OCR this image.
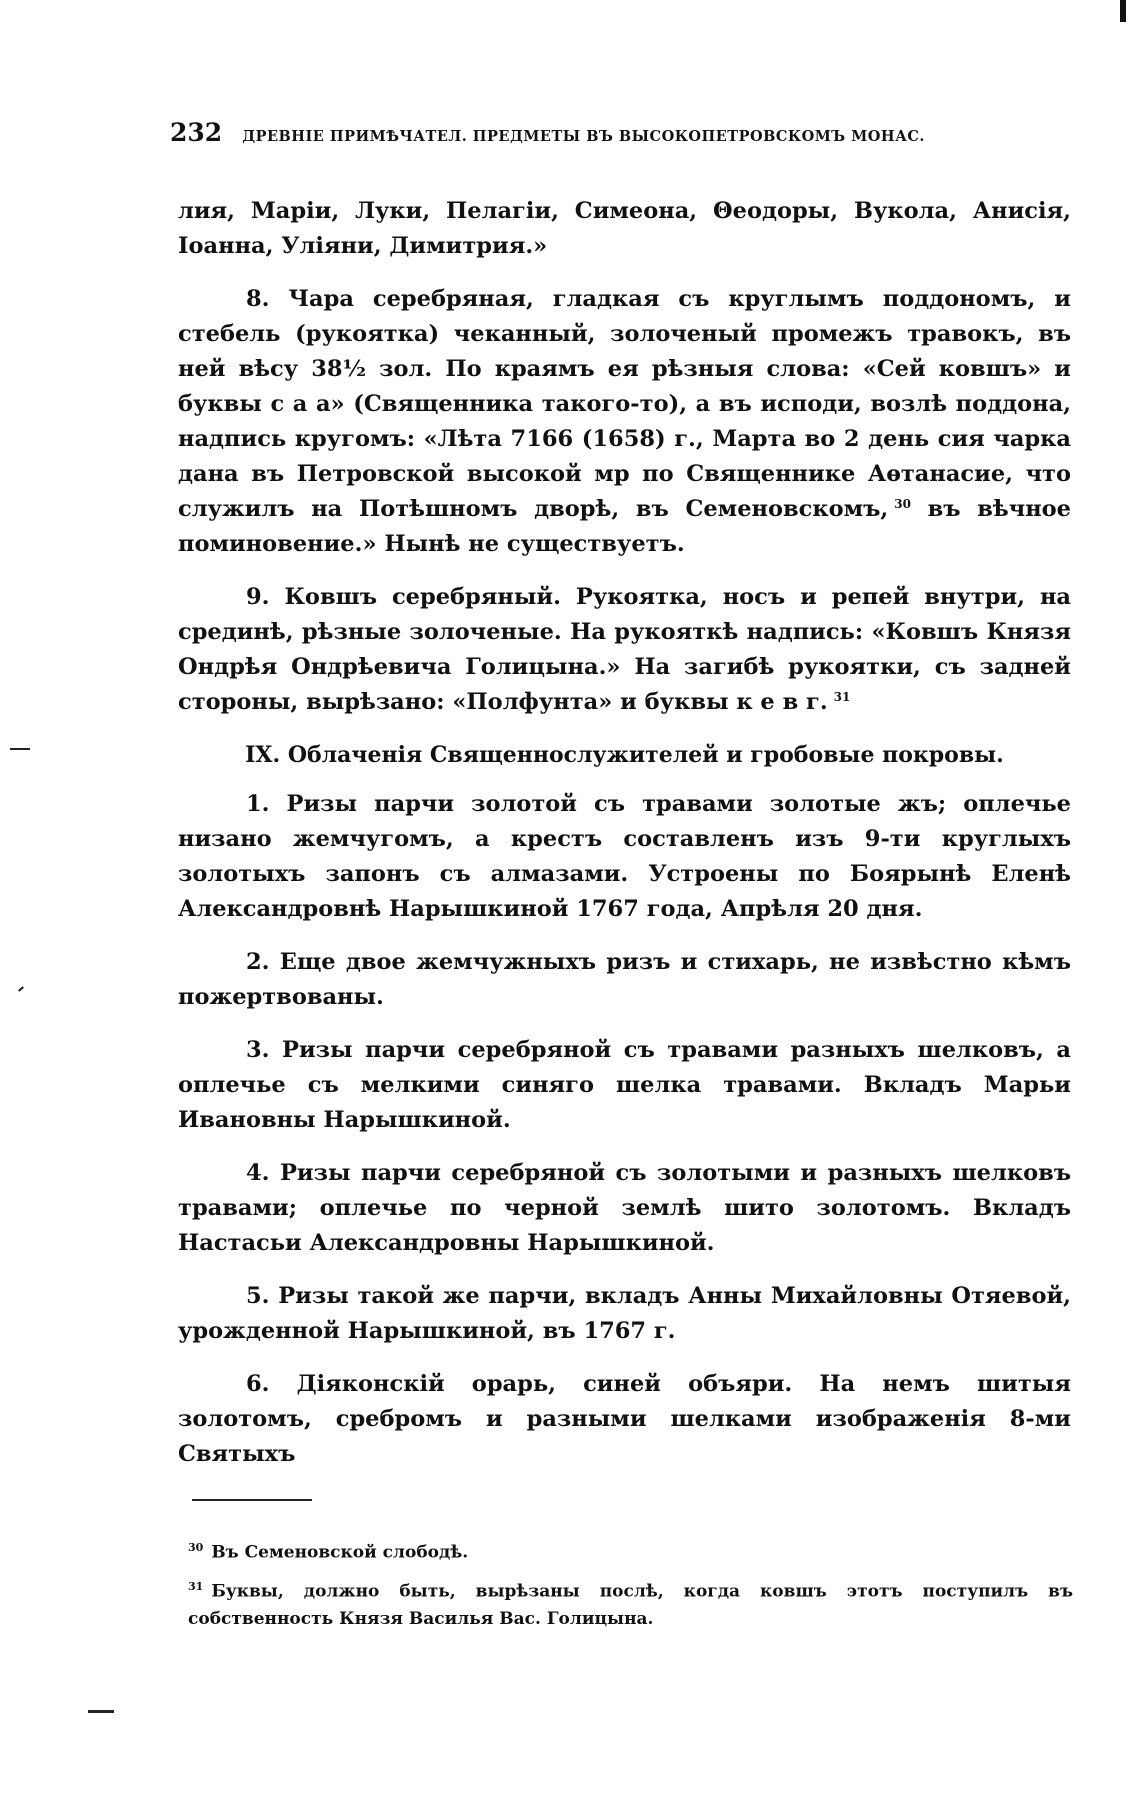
232 ДРЕВНІЕ ПРИМѢЧАТЕЛ. ПРЕДМЕТЫ ВЪ ВЫСОКОПЕТРОВСКОМЪ МОНАС.

лия, Маріи, Луки, Пелагіи, Симеона, Θеодоры, Вукола, Анисія, Іоанна, Уліяни, Димитрия.»

8. Чара серебряная, гладкая съ круглымъ поддономъ, и стебель (рукоятка) чеканный, золоченый промежъ травокъ, въ ней вѣсу 38½ зол. По краямъ ея рѣзныя слова: «Сей ковшъ» и буквы с а а» (Священника такого-то), а въ исподи, возлѣ поддона, надпись кругомъ: «Лѣта 7166 (1658) г., Марта во 2 день сия чарка дана въ Петровской высокой мр по Священнике Аѳтанасие, что служилъ на Потѣшномъ дворѣ, въ Семеновскомъ, $^{30}$ въ вѣчное поминовение.» Нынѣ не существуетъ.

9. Ковшъ серебряный. Рукоятка, носъ и репей внутри, на срединѣ, рѣзные золоченые. На рукояткѣ надпись: «Ковшъ Князя Ондрѣя Ондрѣевича Голицына.» На загибѣ рукоятки, съ задней стороны, вырѣзано: «Полфунта» и буквы к е в г. $^{31}$

IX. Облаченія Священнослужителей и гробовые покровы.

1. Ризы парчи золотой съ травами золотые жъ; оплечье низано жемчугомъ, а крестъ составленъ изъ 9-ти круглыхъ золотыхъ запонъ съ алмазами. Устроены по Боярынѣ Еленѣ Александровнѣ Нарышкиной 1767 года, Апрѣля 20 дня.

2. Еще двое жемчужныхъ ризъ и стихарь, не извѣстно кѣмъ пожертвованы.

3. Ризы парчи серебряной съ травами разныхъ шелковъ, а оплечье съ мелкими синяго шелка травами. Вкладъ Марьи Ивановны Нарышкиной.

4. Ризы парчи серебряной съ золотыми и разныхъ шелковъ травами; оплечье по черной землѣ шито золотомъ. Вкладъ Настасьи Александровны Нарышкиной.

5. Ризы такой же парчи, вкладъ Анны Михайловны Отяевой, урожденной Нарышкиной, въ 1767 г.

6. Діяконскій орарь, синей объяри. На немъ шитыя золотомъ, сребромъ и разными шелками изображенія 8-ми Святыхъ

$^{30}$ Въ Семеновской слободѣ.

$^{31}$ Буквы, должно быть, вырѣзаны послѣ, когда ковшъ этотъ поступилъ въ собственность Князя Василья Вас. Голицына.
